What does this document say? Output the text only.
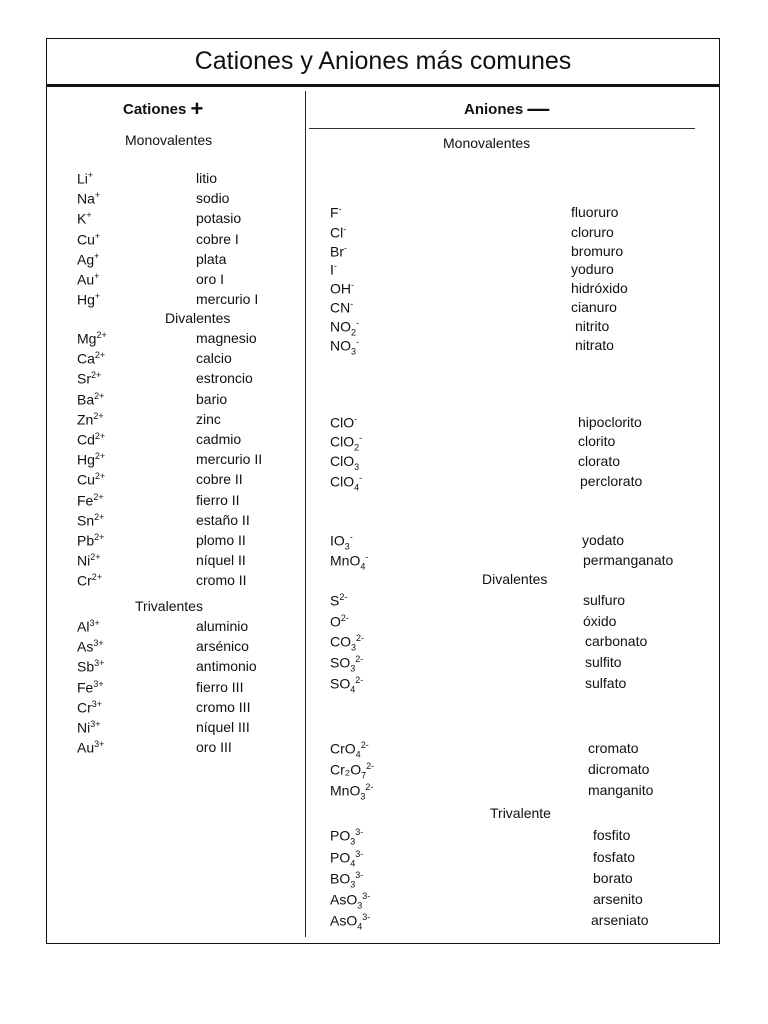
Cationes y Aniones más comunes
Cationes +	Aniones —
Monovalentes
Li+	litio
Na+	sodio
K+	potasio
Cu+	cobre I
Ag+	plata
Au+	oro I
Hg+	mercurio I
Divalentes
$Mg^{2+}$	magnesio
$Ca^{2+}$	calcio
$Sr^{2+}$	estroncio
$Ba^{2+}$	bario
$Zn^{2+}$	zinc
$Cd^{2+}$	cadmio
$Hg^{2+}$	mercurio II
$Cu^{2+}$	cobre II
$Fe^{2+}$	fierro II
$Sn^{2+}$	estaño II
$Pb^{2+}$	plomo II
$Ni^{2+}$	níquel II
$Cr^{2+}$	cromo II
Trivalentes
$Al^{3+}$	aluminio
$As^{3+}$	arsénico
$Sb^{3+}$	antimonio
$Fe^{3+}$	fierro III
$Cr^{3+}$	cromo III
$Ni^{3+}$	níquel III
$Au^{3+}$	oro III
Monovalentes
F-	fluoruro
Cl-	cloruro
Br-	bromuro
I-	yoduro
OH-	hidróxido
CN-	cianuro
$NO_2^-$	nitrito
$NO_3^-$	nitrato
ClO-	hipoclorito
ClO$_2$-	clorito
ClO$_3$	clorato
ClO$_4$-	perclorato
$IO_3^-$	yodato
MnO$_4$-	permanganato
Divalentes
$S^{2-}$	sulfuro
$O^{2-}$	óxido
$CO_3^{2-}$	carbonato
$SO_3^{2-}$	sulfito
$SO_4^{2-}$	sulfato
CrO$_4^{2-}$	cromato
$Cr_2O_7^{2-}$	dicromato
MnO$_3^{2-}$	manganito
Trivalente
$PO_3^{3-}$	fosfito
$PO_4^{3-}$	fosfato
$BO_3^{3-}$	borato
AsO$_3^{3-}$	arsenito
AsO$_4^{3-}$	arseniato
